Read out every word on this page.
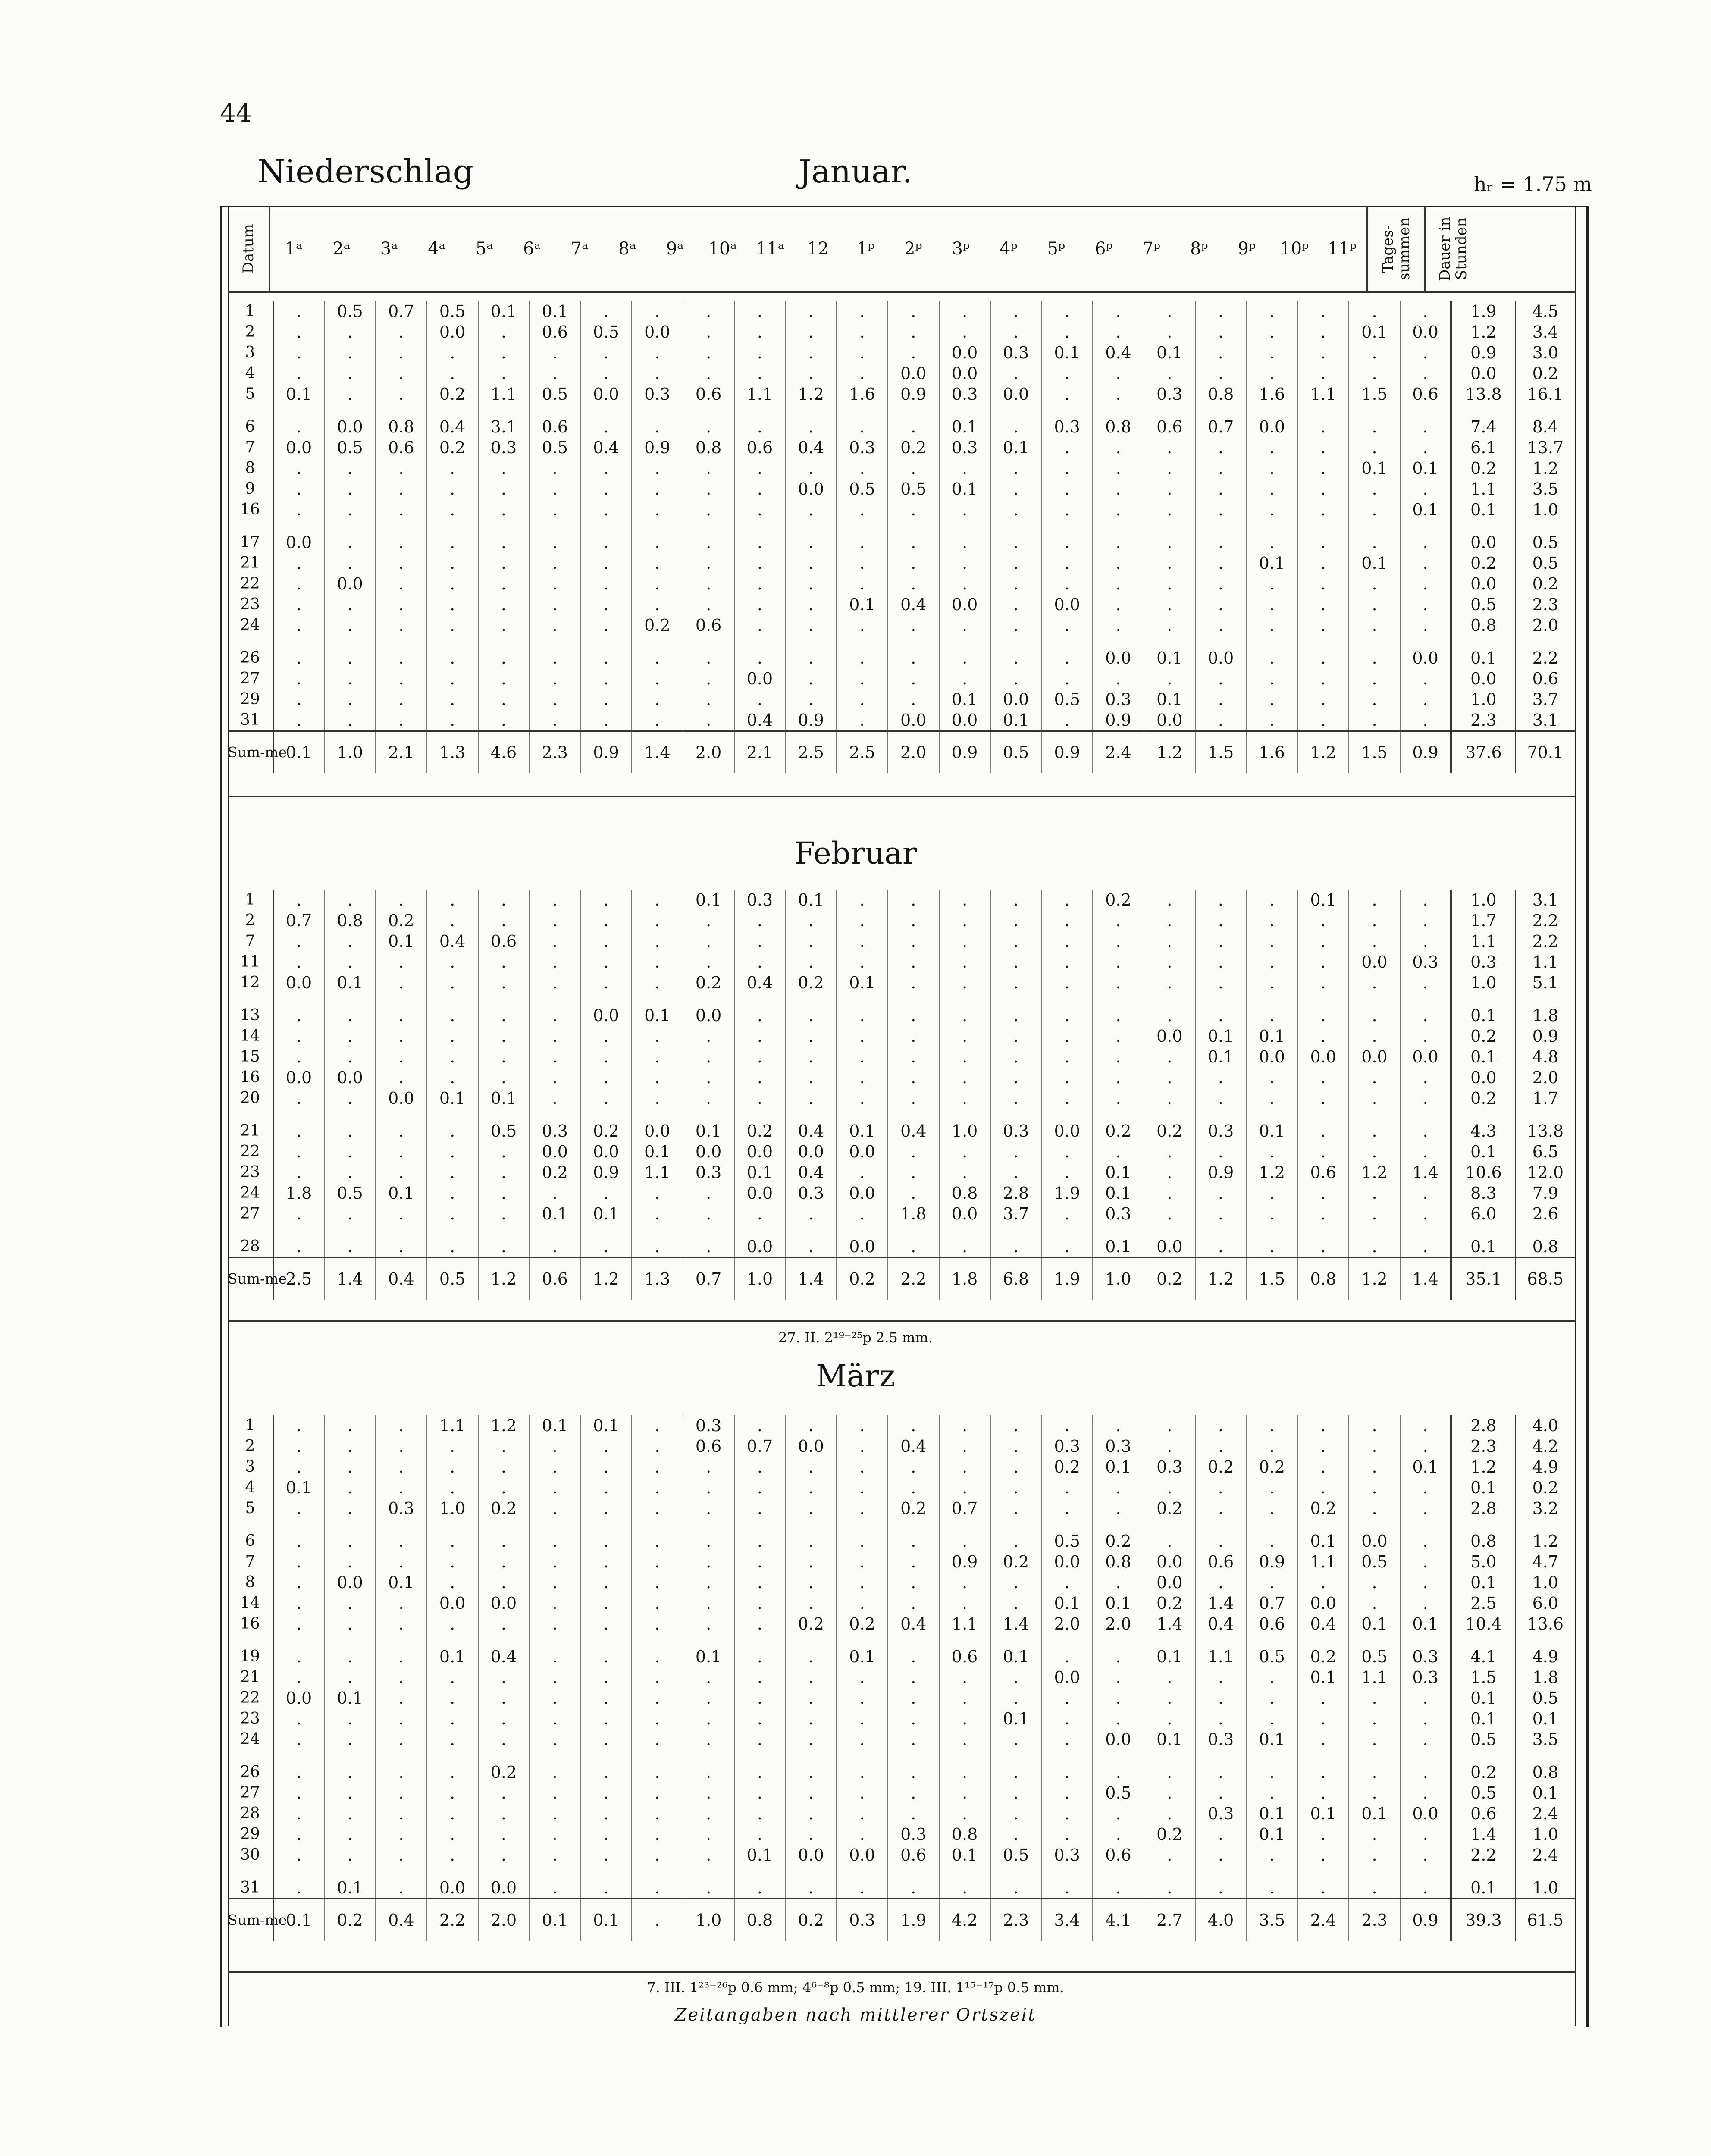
44
Niederschlag	Januar.	hᵣ = 1.75 m
Datum 1ᵃ 2ᵃ 3ᵃ 4ᵃ 5ᵃ 6ᵃ 7ᵃ 8ᵃ 9ᵃ 10ᵃ 11ᵃ 12 1ᵖ 2ᵖ 3ᵖ 4ᵖ 5ᵖ 6ᵖ 7ᵖ 8ᵖ 9ᵖ 10ᵖ 11ᵖ Tages-summen Dauer in Stunden
1	.	0.5	0.7	0.5	0.1	0.1	.	.	.	.	.	.	.	.	.	.	.	.	.	.	.	.	.	1.9	4.5
2	.	.	.	0.0	.	0.6	0.5	0.0	.	.	.	.	.	.	.	.	.	.	.	.	.	0.1	0.0	1.2	3.4
3	.	.	.	.	.	.	.	.	.	.	.	.	.	0.0	0.3	0.1	0.4	0.1	.	.	.	.	.	0.9	3.0
4	.	.	.	.	.	.	.	.	.	.	.	.	0.0	0.0	.	.	.	.	.	.	.	.	.	0.0	0.2
5	0.1	.	.	0.2	1.1	0.5	0.0	0.3	0.6	1.1	1.2	1.6	0.9	0.3	0.0	.	.	0.3	0.8	1.6	1.1	1.5	0.6	13.8	16.1

6	.	0.0	0.8	0.4	3.1	0.6	.	.	.	.	.	.	.	0.1	.	0.3	0.8	0.6	0.7	0.0	.	.	.	7.4	8.4
7	0.0	0.5	0.6	0.2	0.3	0.5	0.4	0.9	0.8	0.6	0.4	0.3	0.2	0.3	0.1	.	.	.	.	.	.	.	.	6.1	13.7
8	.	.	.	.	.	.	.	.	.	.	.	.	.	.	.	.	.	.	.	.	.	0.1	0.1	0.2	1.2
9	.	.	.	.	.	.	.	.	.	.	0.0	0.5	0.5	0.1	.	.	.	.	.	.	.	.	.	1.1	3.5
16	.	.	.	.	.	.	.	.	.	.	.	.	.	.	.	.	.	.	.	.	.	.	0.1	0.1	1.0

17	0.0	.	.	.	.	.	.	.	.	.	.	.	.	.	.	.	.	.	.	.	.	.	.	0.0	0.5
21	.	.	.	.	.	.	.	.	.	.	.	.	.	.	.	.	.	.	.	0.1	.	0.1	.	0.2	0.5
22	.	0.0	.	.	.	.	.	.	.	.	.	.	.	.	.	.	.	.	.	.	.	.	.	0.0	0.2
23	.	.	.	.	.	.	.	.	.	.	.	0.1	0.4	0.0	.	0.0	.	.	.	.	.	.	.	0.5	2.3
24	.	.	.	.	.	.	.	0.2	0.6	.	.	.	.	.	.	.	.	.	.	.	.	.	.	0.8	2.0

26	.	.	.	.	.	.	.	.	.	.	.	.	.	.	.	.	0.0	0.1	0.0	.	.	.	0.0	0.1	2.2
27	.	.	.	.	.	.	.	.	.	0.0	.	.	.	.	.	.	.	.	.	.	.	.	.	0.0	0.6
29	.	.	.	.	.	.	.	.	.	.	.	.	.	0.1	0.0	0.5	0.3	0.1	.	.	.	.	.	1.0	3.7
31	.	.	.	.	.	.	.	.	.	0.4	0.9	.	0.0	0.0	0.1	.	0.9	0.0	.	.	.	.	.	2.3	3.1
Sum-me	0.1	1.0	2.1	1.3	4.6	2.3	0.9	1.4	2.0	2.1	2.5	2.5	2.0	0.9	0.5	0.9	2.4	1.2	1.5	1.6	1.2	1.5	0.9	37.6	70.1
1	.	.	.	.	.	.	.	.	0.1	0.3	0.1	.	.	.	.	.	0.2	.	.	.	0.1	.	.	1.0	3.1
2	0.7	0.8	0.2	.	.	.	.	.	.	.	.	.	.	.	.	.	.	.	.	.	.	.	.	1.7	2.2
7	.	.	0.1	0.4	0.6	.	.	.	.	.	.	.	.	.	.	.	.	.	.	.	.	.	.	1.1	2.2
11	.	.	.	.	.	.	.	.	.	.	.	.	.	.	.	.	.	.	.	.	.	0.0	0.3	0.3	1.1
12	0.0	0.1	.	.	.	.	.	.	0.2	0.4	0.2	0.1	.	.	.	.	.	.	.	.	.	.	.	1.0	5.1

13	.	.	.	.	.	.	0.0	0.1	0.0	.	.	.	.	.	.	.	.	.	.	.	.	.	.	0.1	1.8
14	.	.	.	.	.	.	.	.	.	.	.	.	.	.	.	.	.	0.0	0.1	0.1	.	.	.	0.2	0.9
15	.	.	.	.	.	.	.	.	.	.	.	.	.	.	.	.	.	.	0.1	0.0	0.0	0.0	0.0	0.1	4.8
16	0.0	0.0	.	.	.	.	.	.	.	.	.	.	.	.	.	.	.	.	.	.	.	.	.	0.0	2.0
20	.	.	0.0	0.1	0.1	.	.	.	.	.	.	.	.	.	.	.	.	.	.	.	.	.	.	0.2	1.7

21	.	.	.	.	0.5	0.3	0.2	0.0	0.1	0.2	0.4	0.1	0.4	1.0	0.3	0.0	0.2	0.2	0.3	0.1	.	.	.	4.3	13.8
22	.	.	.	.	.	0.0	0.0	0.1	0.0	0.0	0.0	0.0	.	.	.	.	.	.	.	.	.	.	.	0.1	6.5
23	.	.	.	.	.	0.2	0.9	1.1	0.3	0.1	0.4	.	.	.	.	.	0.1	.	0.9	1.2	0.6	1.2	1.4	10.6	12.0
24	1.8	0.5	0.1	.	.	.	.	.	.	0.0	0.3	0.0	.	0.8	2.8	1.9	0.1	.	.	.	.	.	.	8.3	7.9
27	.	.	.	.	.	0.1	0.1	.	.	.	.	.	1.8	0.0	3.7	.	0.3	.	.	.	.	.	.	6.0	2.6

28	.	.	.	.	.	.	.	.	.	0.0	.	0.0	.	.	.	.	0.1	0.0	.	.	.	.	.	0.1	0.8
Sum-me	2.5	1.4	0.4	0.5	1.2	0.6	1.2	1.3	0.7	1.0	1.4	0.2	2.2	1.8	6.8	1.9	1.0	0.2	1.2	1.5	0.8	1.2	1.4	35.1	68.5
1	.	.	.	1.1	1.2	0.1	0.1	.	0.3	.	.	.	.	.	.	.	.	.	.	.	.	.	.	2.8	4.0
2	.	.	.	.	.	.	.	.	0.6	0.7	0.0	.	0.4	.	.	0.3	0.3	.	.	.	.	.	.	2.3	4.2
3	.	.	.	.	.	.	.	.	.	.	.	.	.	.	.	0.2	0.1	0.3	0.2	0.2	.	.	0.1	1.2	4.9
4	0.1	.	.	.	.	.	.	.	.	.	.	.	.	.	.	.	.	.	.	.	.	.	.	0.1	0.2
5	.	.	0.3	1.0	0.2	.	.	.	.	.	.	.	0.2	0.7	.	.	.	0.2	.	.	0.2	.	.	2.8	3.2

6	.	.	.	.	.	.	.	.	.	.	.	.	.	.	.	0.5	0.2	.	.	.	0.1	0.0	.	0.8	1.2
7	.	.	.	.	.	.	.	.	.	.	.	.	.	0.9	0.2	0.0	0.8	0.0	0.6	0.9	1.1	0.5	.	5.0	4.7
8	.	0.0	0.1	.	.	.	.	.	.	.	.	.	.	.	.	.	.	0.0	.	.	.	.	.	0.1	1.0
14	.	.	.	0.0	0.0	.	.	.	.	.	.	.	.	.	.	0.1	0.1	0.2	1.4	0.7	0.0	.	.	2.5	6.0
16	.	.	.	.	.	.	.	.	.	.	0.2	0.2	0.4	1.1	1.4	2.0	2.0	1.4	0.4	0.6	0.4	0.1	0.1	10.4	13.6

19	.	.	.	0.1	0.4	.	.	.	0.1	.	.	0.1	.	0.6	0.1	.	.	0.1	1.1	0.5	0.2	0.5	0.3	4.1	4.9
21	.	.	.	.	.	.	.	.	.	.	.	.	.	.	.	0.0	.	.	.	.	0.1	1.1	0.3	1.5	1.8
22	0.0	0.1	.	.	.	.	.	.	.	.	.	.	.	.	.	.	.	.	.	.	.	.	.	0.1	0.5
23	.	.	.	.	.	.	.	.	.	.	.	.	.	.	0.1	.	.	.	.	.	.	.	.	0.1	0.1
24	.	.	.	.	.	.	.	.	.	.	.	.	.	.	.	.	0.0	0.1	0.3	0.1	.	.	.	0.5	3.5

26	.	.	.	.	0.2	.	.	.	.	.	.	.	.	.	.	.	.	.	.	.	.	.	.	0.2	0.8
27	.	.	.	.	.	.	.	.	.	.	.	.	.	.	.	.	0.5	.	.	.	.	.	.	0.5	0.1
28	.	.	.	.	.	.	.	.	.	.	.	.	.	.	.	.	.	.	0.3	0.1	0.1	0.1	0.0	0.6	2.4
29	.	.	.	.	.	.	.	.	.	.	.	.	0.3	0.8	.	.	.	0.2	.	0.1	.	.	.	1.4	1.0
30	.	.	.	.	.	.	.	.	.	0.1	0.0	0.0	0.6	0.1	0.5	0.3	0.6	.	.	.	.	.	.	2.2	2.4

31	.	0.1	.	0.0	0.0	.	.	.	.	.	.	.	.	.	.	.	.	.	.	.	.	.	.	0.1	1.0
Sum-me	0.1	0.2	0.4	2.2	2.0	0.1	0.1	.	1.0	0.8	0.2	0.3	1.9	4.2	2.3	3.4	4.1	2.7	4.0	3.5	2.4	2.3	0.9	39.3	61.5
Februar
27. II. 2¹⁹⁻²⁵p 2.5 mm.
März
7. III. 1²³⁻²⁶p 0.6 mm; 4⁶⁻⁸p 0.5 mm; 19. III. 1¹⁵⁻¹⁷p 0.5 mm.
Zeitangaben nach mittlerer Ortszeit
